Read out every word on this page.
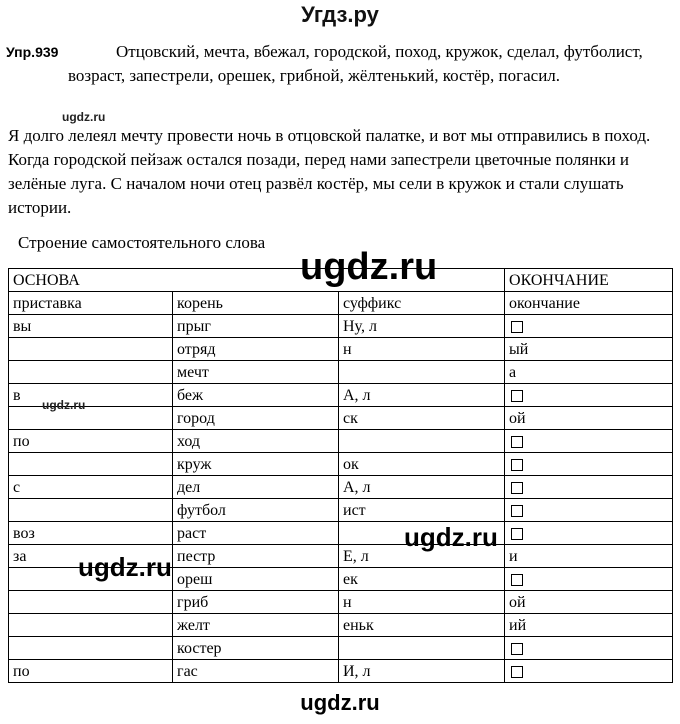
Угдз.ру
Упр.939	Отцовский, мечта, вбежал, городской, поход, кружок, сделал, футболист, возраст, запестрели, орешек, грибной, жёлтенький, костёр, погасил.
ugdz.ru
Я долго лелеял мечту провести ночь в отцовской палатке, и вот мы отправились в поход. Когда городской пейзаж остался позади, перед нами запестрели цветочные полянки и зелёные луга. С началом ночи отец развёл костёр, мы сели в кружок и стали слушать истории.
Строение самостоятельного слова
ОСНОВА			ОКОНЧАНИЕ
приставка	корень	суффикс	окончание
вы	прыг	Ну, л	
	отряд	н	ый
	мечт		а
в	беж	А, л	
	город	ск	ой
по	ход		
	круж	ок	
с	дел	А, л	
	футбол	ист	
воз	раст		
за	пестр	Е, л	и
	ореш	ек	
	гриб	н	ой
	желт	еньк	ий
	костер		
по	гас	И, л	
ugdz.ru
ugdz.ru
ugdz.ru
ugdz.ru
ugdz.ru
